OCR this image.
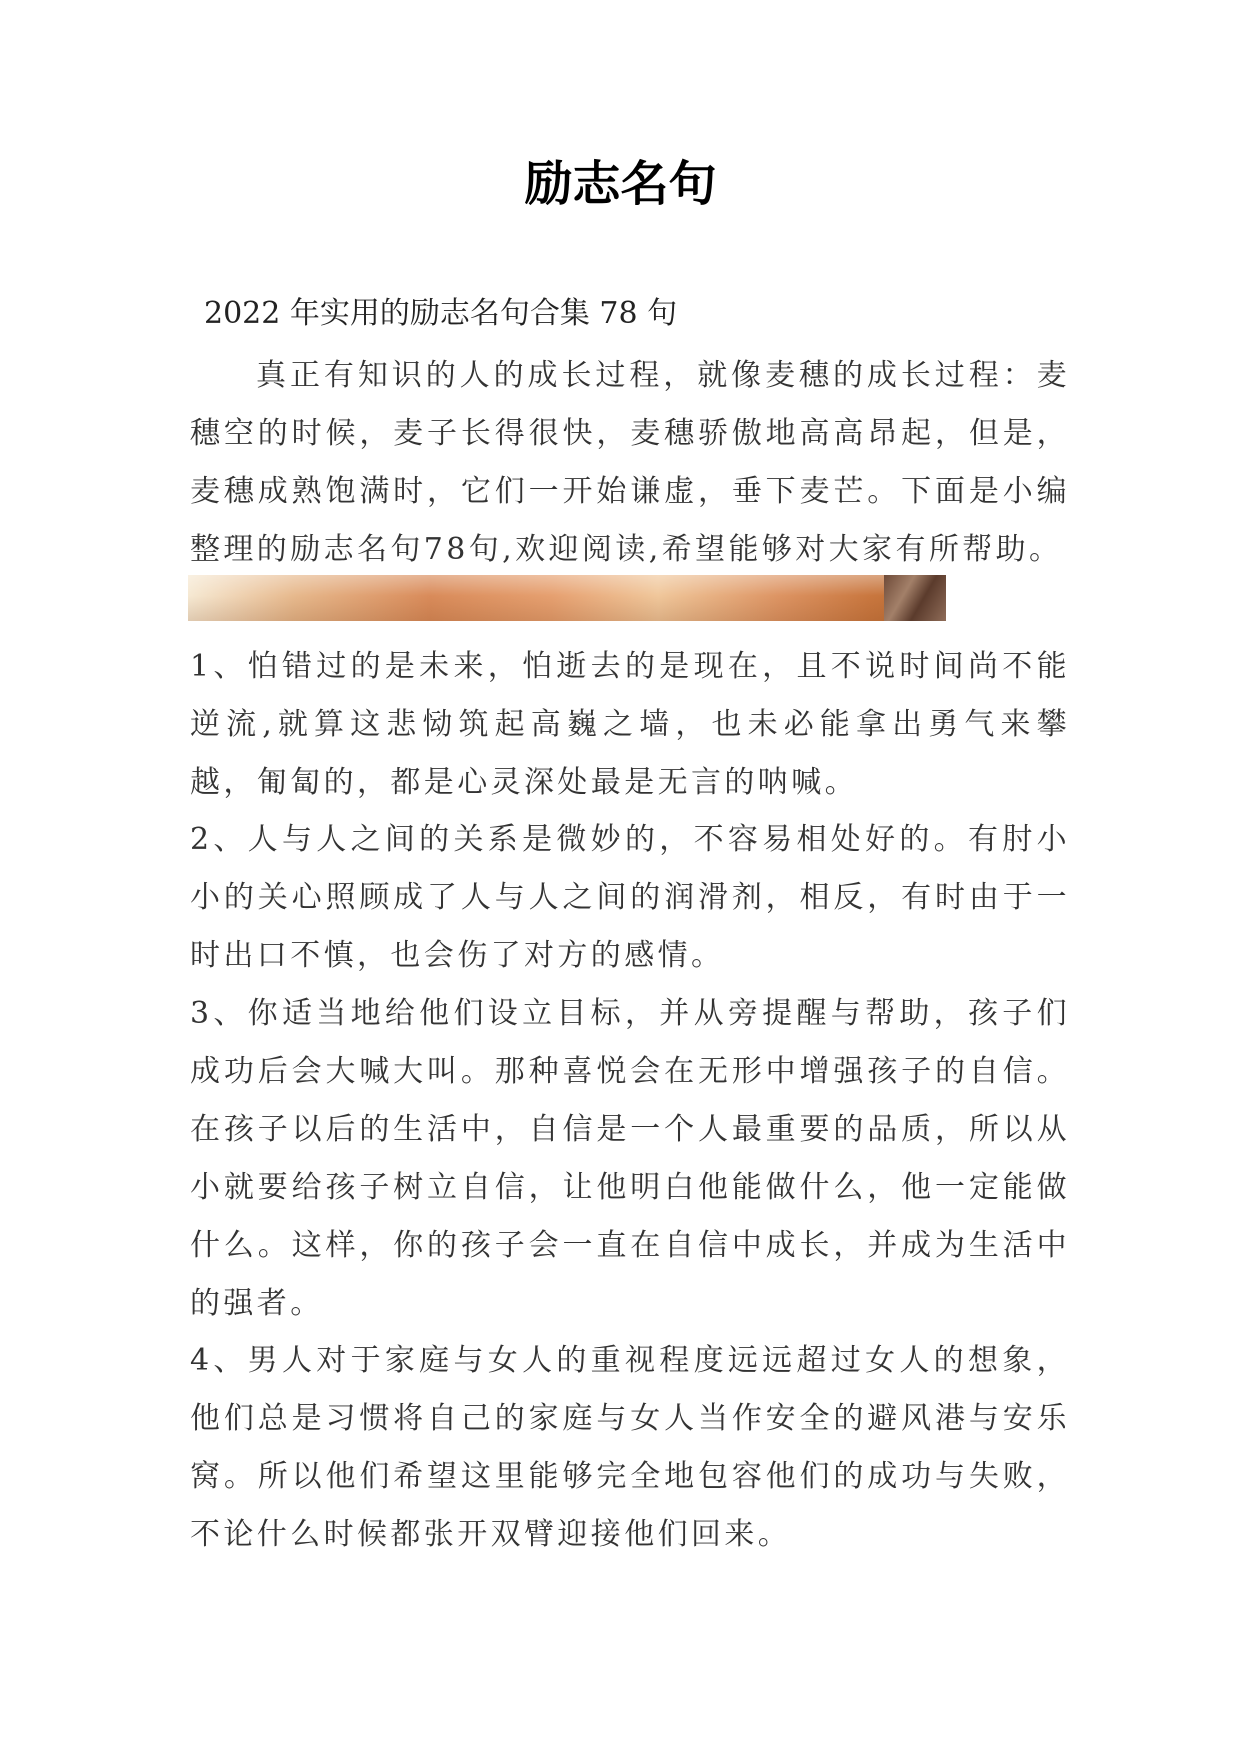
励志名句
2022 年实用的励志名句合集 78 句

真正有知识的人的成长过程，就像麦穗的成长过程：麦穗空的时候，麦子长得很快，麦穗骄傲地高高昂起，但是，麦穗成熟饱满时，它们一开始谦虚，垂下麦芒。下面是小编整理的励志名句78句,欢迎阅读,希望能够对大家有所帮助。

1、怕错过的是未来，怕逝去的是现在，且不说时间尚不能逆流,就算这悲恸筑起高巍之墙，也未必能拿出勇气来攀越，匍匐的，都是心灵深处最是无言的呐喊。

2、人与人之间的关系是微妙的，不容易相处好的。有肘小小的关心照顾成了人与人之间的润滑剂，相反，有时由于一时出口不慎，也会伤了对方的感情。

3、你适当地给他们设立目标，并从旁提醒与帮助，孩子们成功后会大喊大叫。那种喜悦会在无形中增强孩子的自信。在孩子以后的生活中，自信是一个人最重要的品质，所以从小就要给孩子树立自信，让他明白他能做什么，他一定能做什么。这样，你的孩子会一直在自信中成长，并成为生活中的强者。

4、男人对于家庭与女人的重视程度远远超过女人的想象，他们总是习惯将自己的家庭与女人当作安全的避风港与安乐窝。所以他们希望这里能够完全地包容他们的成功与失败，不论什么时候都张开双臂迎接他们回来。
